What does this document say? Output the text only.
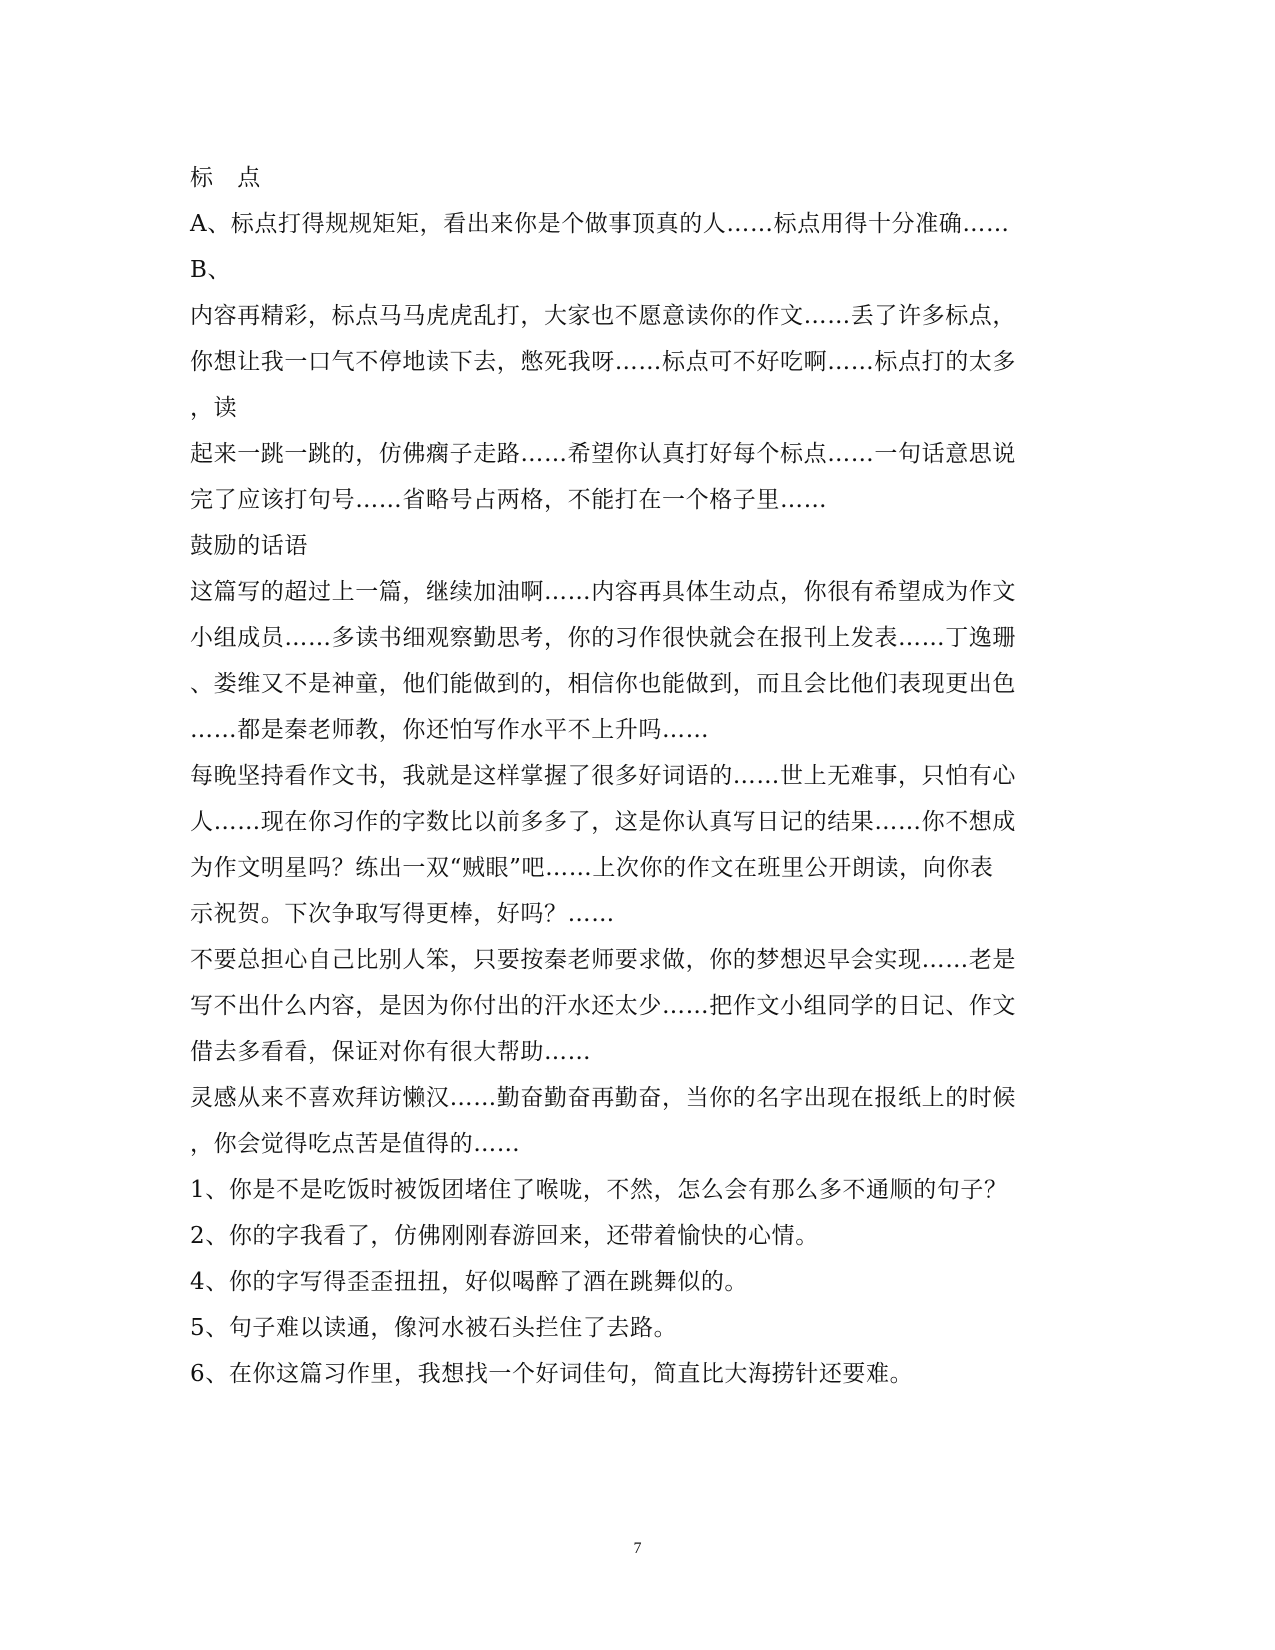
标　点
A、标点打得规规矩矩，看出来你是个做事顶真的人……标点用得十分准确……
B、
内容再精彩，标点马马虎虎乱打，大家也不愿意读你的作文……丢了许多标点，
你想让我一口气不停地读下去，憋死我呀……标点可不好吃啊……标点打的太多
，读
起来一跳一跳的，仿佛瘸子走路……希望你认真打好每个标点……一句话意思说
完了应该打句号……省略号占两格，不能打在一个格子里……
鼓励的话语
这篇写的超过上一篇，继续加油啊……内容再具体生动点，你很有希望成为作文
小组成员……多读书细观察勤思考，你的习作很快就会在报刊上发表……丁逸珊
、娄维又不是神童，他们能做到的，相信你也能做到，而且会比他们表现更出色
……都是秦老师教，你还怕写作水平不上升吗……
每晚坚持看作文书，我就是这样掌握了很多好词语的……世上无难事，只怕有心
人……现在你习作的字数比以前多多了，这是你认真写日记的结果……你不想成
为作文明星吗？练出一双“贼眼”吧……上次你的作文在班里公开朗读，向你表
示祝贺。下次争取写得更棒，好吗？……
不要总担心自己比别人笨，只要按秦老师要求做，你的梦想迟早会实现……老是
写不出什么内容，是因为你付出的汗水还太少……把作文小组同学的日记、作文
借去多看看，保证对你有很大帮助……
灵感从来不喜欢拜访懒汉……勤奋勤奋再勤奋，当你的名字出现在报纸上的时候
，你会觉得吃点苦是值得的……
1、你是不是吃饭时被饭团堵住了喉咙，不然，怎么会有那么多不通顺的句子？
2、你的字我看了，仿佛刚刚春游回来，还带着愉快的心情。
4、你的字写得歪歪扭扭，好似喝醉了酒在跳舞似的。
5、句子难以读通，像河水被石头拦住了去路。
6、在你这篇习作里，我想找一个好词佳句，简直比大海捞针还要难。
7
